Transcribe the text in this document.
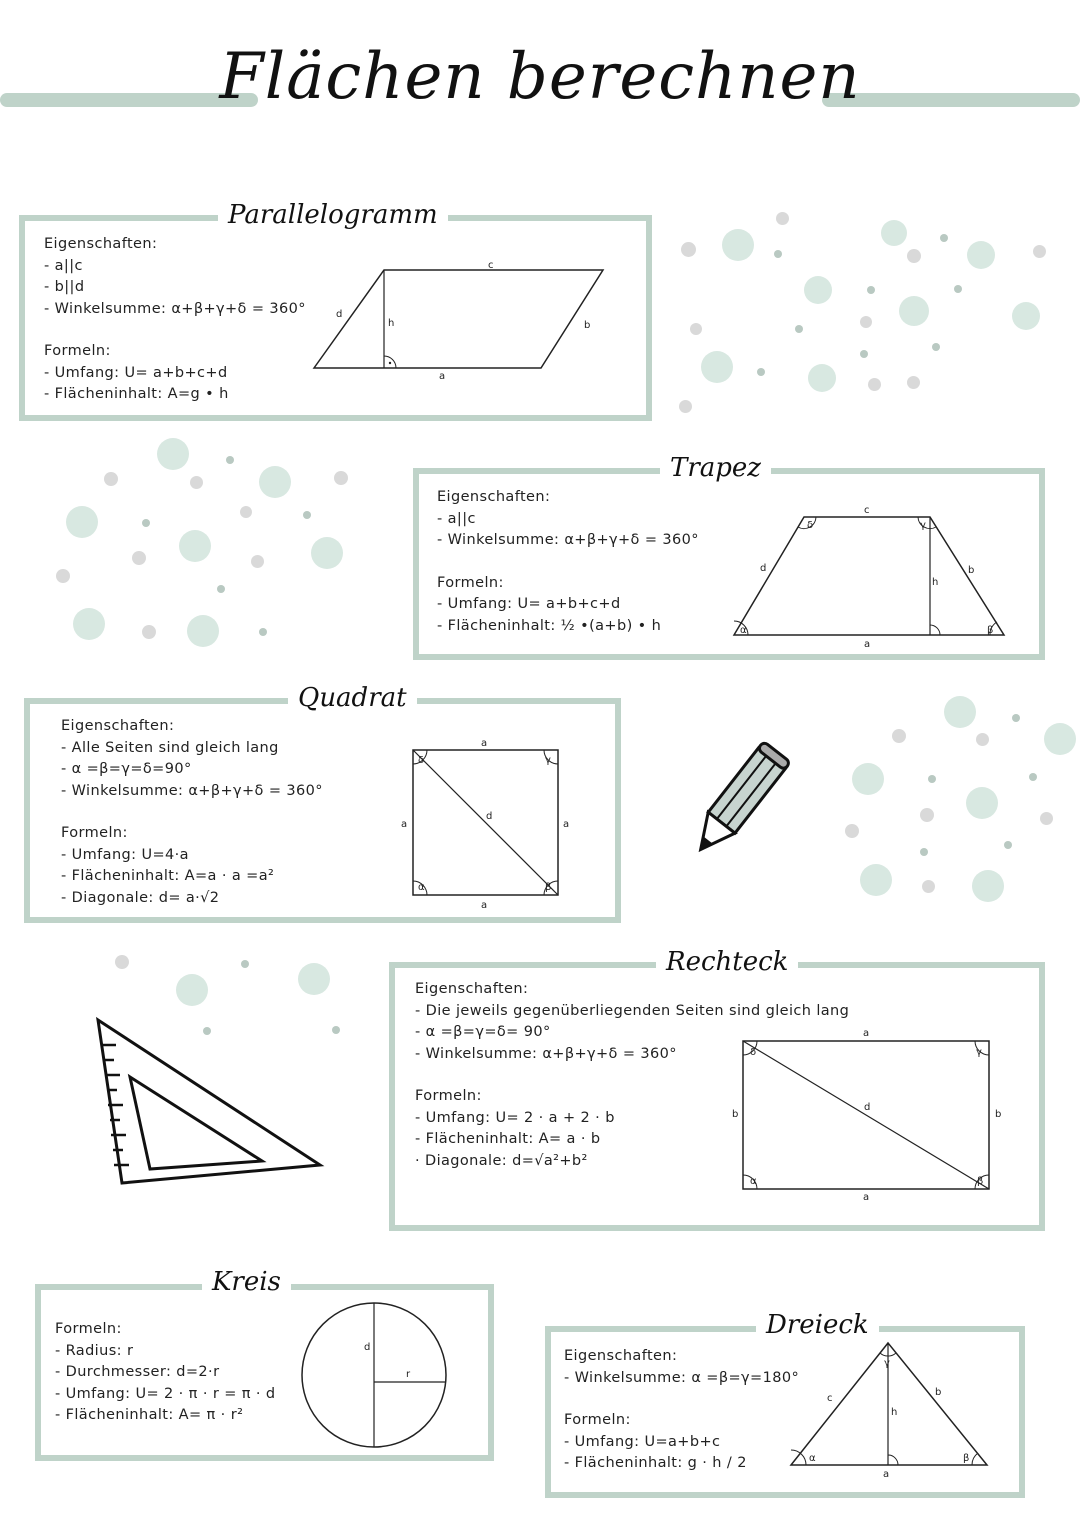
Flächen berechnen
Parallelogramm
Eigenschaften:
- a||c
- b||d
- Winkelsumme: α+β+γ+δ = 360°
Formeln:
- Umfang: U= a+b+c+d
- Flächeninhalt: A=g • h
c
d
h	b
a
Trapez
Eigenschaften:
- a||c
- Winkelsumme: α+β+γ+δ = 360°
Formeln:
- Umfang: U= a+b+c+d
- Flächeninhalt: ½ •(a+b) • h
c
d
h
b
a
α	β
γ
δ
Quadrat
Eigenschaften:
- Alle Seiten sind gleich lang
- α =β=γ=δ=90°
- Winkelsumme: α+β+γ+δ = 360°
Formeln:
- Umfang: U=4·a
- Flächeninhalt: A=a · a =a²
- Diagonale: d= a·√2
a
a	a
a
d
α	β
γ
δ
Rechteck
Eigenschaften:
- Die jeweils gegenüberliegenden Seiten sind gleich lang
- α =β=γ=δ= 90°
- Winkelsumme: α+β+γ+δ = 360°
Formeln:
- Umfang: U= 2 · a + 2 · b
- Flächeninhalt: A= a · b
· Diagonale: d=√a²+b²
a
b	b
a
d
α	β
γ
δ
Kreis
Formeln:
- Radius: r
- Durchmesser: d=2·r
- Umfang: U= 2 · π · r = π · d
- Flächeninhalt: A= π · r²
d
r
Dreieck
Eigenschaften:
- Winkelsumme: α =β=γ=180°
Formeln:
- Umfang: U=a+b+c
- Flächeninhalt: g · h / 2
c
b
h
a
α	β
γ
